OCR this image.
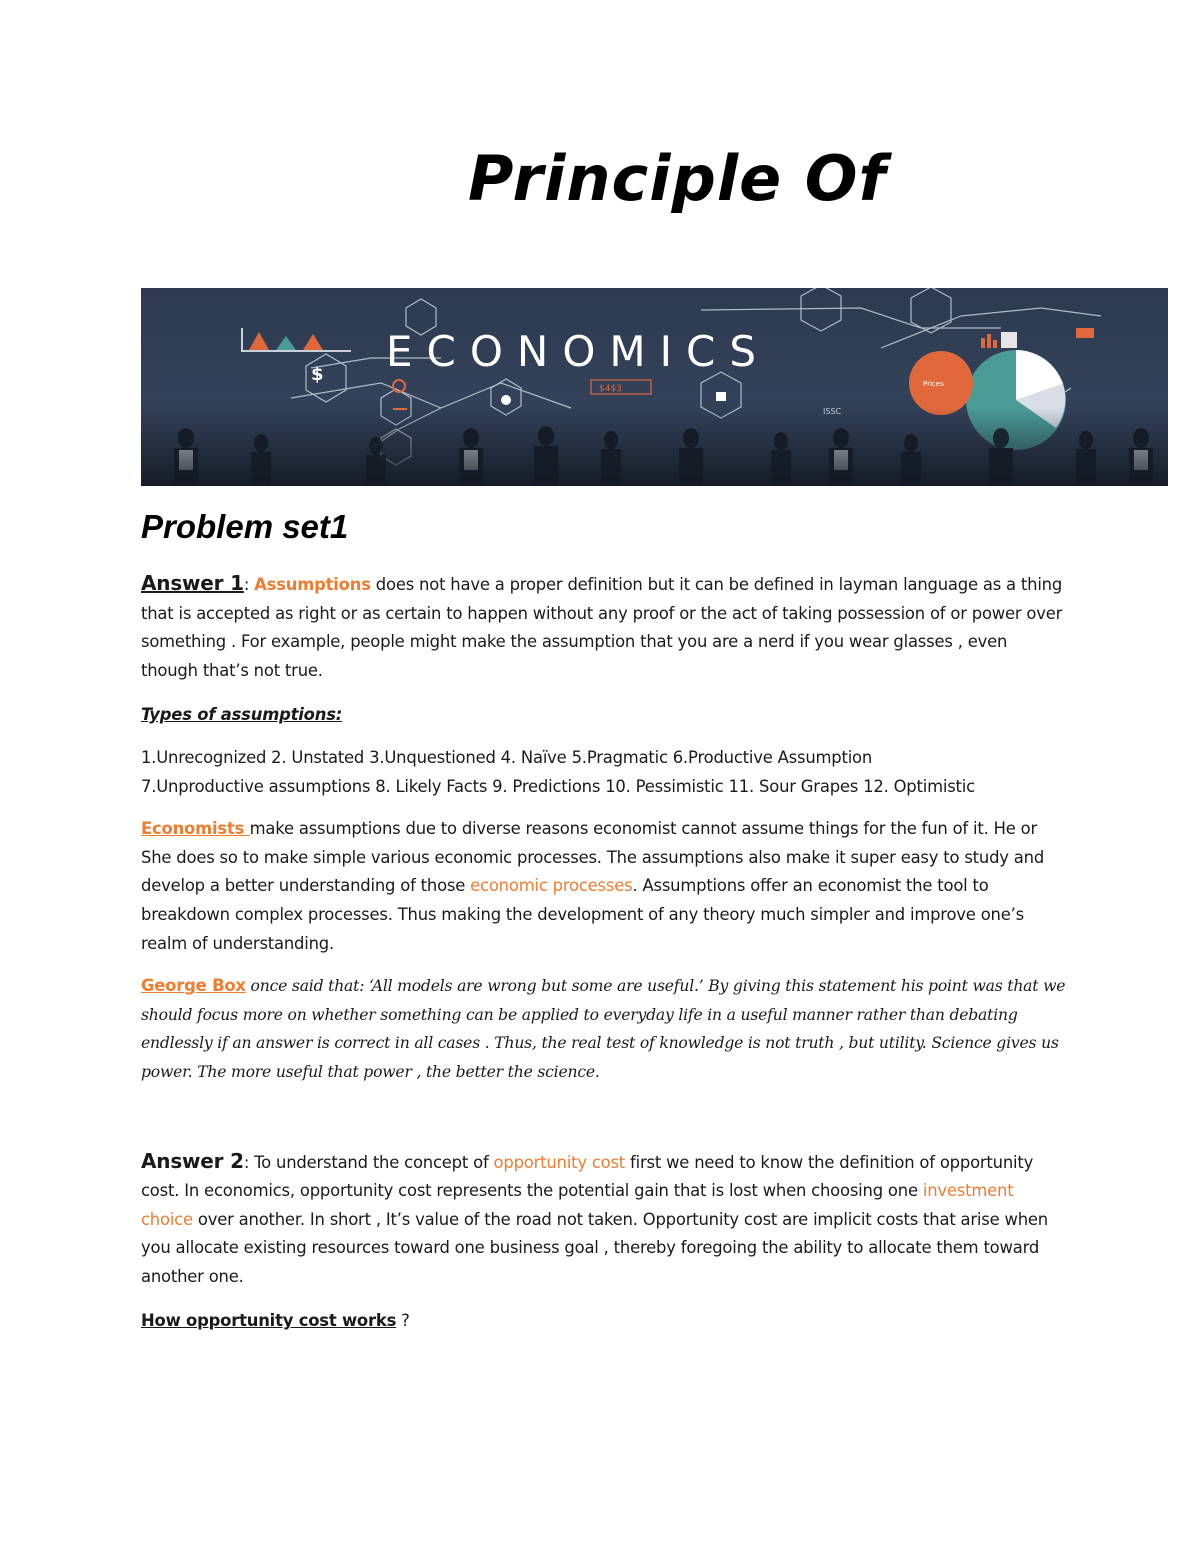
Principle Of
ECONOMICS
$
$4$3	Prices
Problem set1

Answer 1: Assumptions does not have a proper definition but it can be defined in layman language as a thing that is accepted as right or as certain to happen without any proof or the act of taking possession of or power over something . For example, people might make the assumption that you are a nerd if you wear glasses , even though that’s not true.

Types of assumptions:

1.Unrecognized 2. Unstated 3.Unquestioned 4. Naïve 5.Pragmatic 6.Productive Assumption

7.Unproductive assumptions 8. Likely Facts 9. Predictions 10. Pessimistic 11. Sour Grapes 12. Optimistic

Economists make assumptions due to diverse reasons economist cannot assume things for the fun of it. He or She does so to make simple various economic processes. The assumptions also make it super easy to study and develop a better understanding of those economic processes. Assumptions offer an economist the tool to breakdown complex processes. Thus making the development of any theory much simpler and improve one’s realm of understanding.

George Box once said that: ‘All models are wrong but some are useful.’ By giving this statement his point was that we should focus more on whether something can be applied to everyday life in a useful manner rather than debating endlessly if an answer is correct in all cases . Thus, the real test of knowledge is not truth , but utility. Science gives us power. The more useful that power , the better the science.

Answer 2: To understand the concept of opportunity cost first we need to know the definition of opportunity cost. In economics, opportunity cost represents the potential gain that is lost when choosing one investment choice over another. In short , It’s value of the road not taken. Opportunity cost are implicit costs that arise when you allocate existing resources toward one business goal , thereby foregoing the ability to allocate them toward another one.

How opportunity cost works ?
